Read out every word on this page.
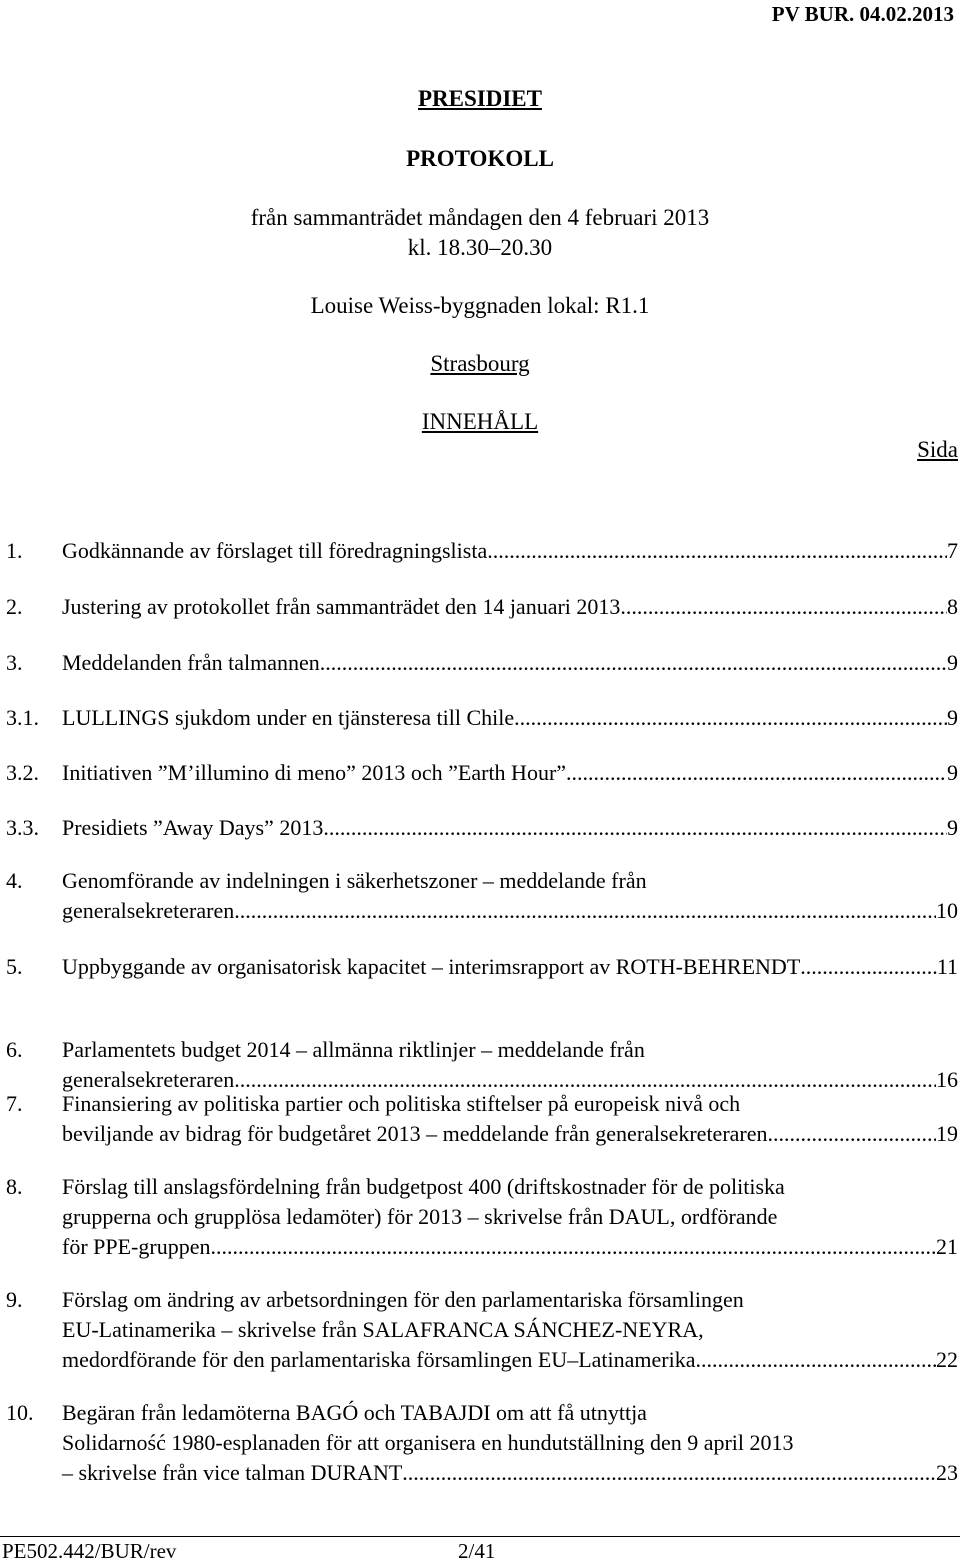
PV BUR. 04.02.2013
PRESIDIET
PROTOKOLL
från sammanträdet måndagen den 4 februari 2013
kl. 18.30–20.30
Louise Weiss-byggnaden lokal: R1.1
Strasbourg
INNEHÅLL
Sida
1. Godkännande av förslaget till föredragningslista .....	7
2. Justering av protokollet från sammanträdet den 14 januari 2013 .....	8
3. Meddelanden från talmannen .....	9
3.1. LULLINGS sjukdom under en tjänsteresa till Chile .....	9
3.2. Initiativen ”M’illumino di meno” 2013 och ”Earth Hour” .....	9
3.3. Presidiets ”Away Days” 2013 .....	9
4. Genomförande av indelningen i säkerhetszoner – meddelande från
generalsekreteraren .....	10
5. Uppbyggande av organisatorisk kapacitet – interimsrapport av ROTH-BEHRENDT .....	11
6. Parlamentets budget 2014 – allmänna riktlinjer – meddelande från
generalsekreteraren .....	16
7. Finansiering av politiska partier och politiska stiftelser på europeisk nivå och
beviljande av bidrag för budgetåret 2013 – meddelande från generalsekreteraren .....	19
8. Förslag till anslagsfördelning från budgetpost 400 (driftskostnader för de politiska
grupperna och grupplösa ledamöter) för 2013 – skrivelse från DAUL, ordförande
för PPE-gruppen .....	21
9. Förslag om ändring av arbetsordningen för den parlamentariska församlingen
EU-Latinamerika – skrivelse från SALAFRANCA SÁNCHEZ-NEYRA,
medordförande för den parlamentariska församlingen EU–Latinamerika .....	22
10. Begäran från ledamöterna BAGÓ och TABAJDI om att få utnyttja
Solidarność 1980-esplanaden för att organisera en hundutställning den 9 april 2013
– skrivelse från vice talman DURANT .....	23
PE502.442/BUR/rev	2/41
